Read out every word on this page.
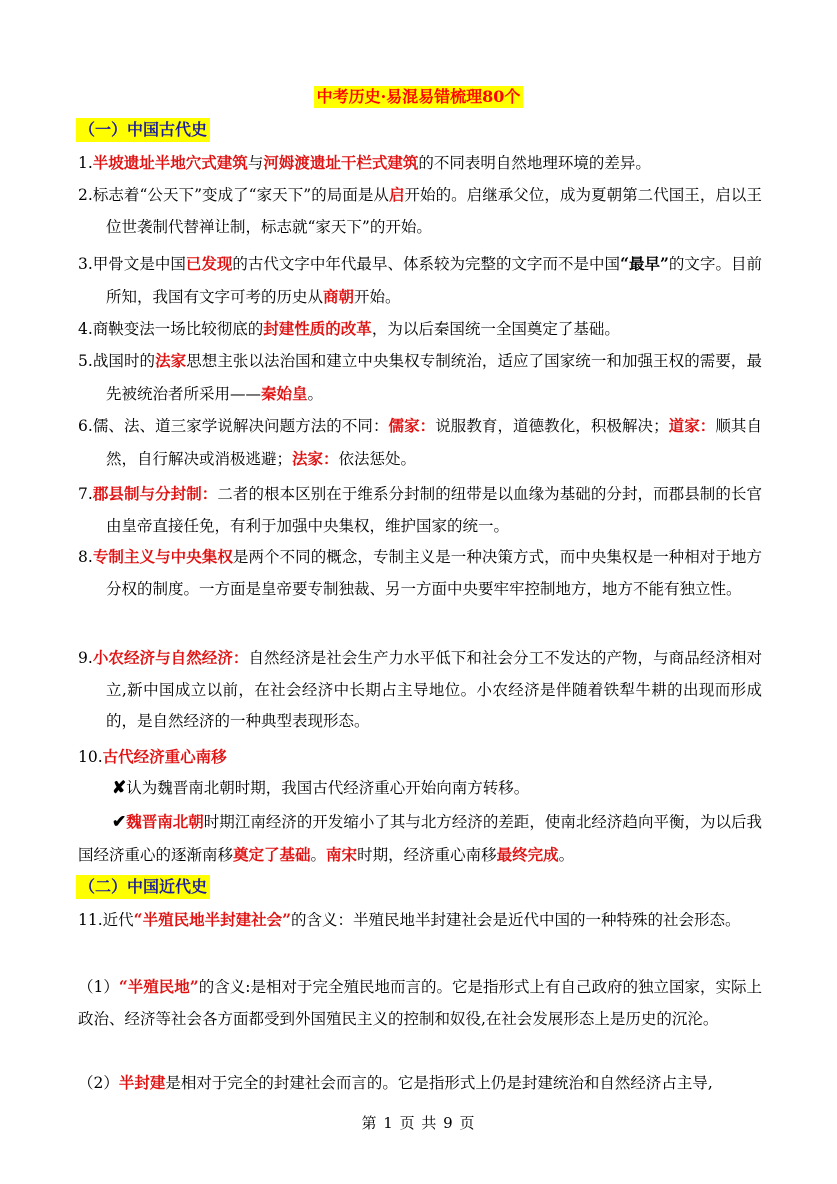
中考历史·易混易错梳理80个
（一）中国古代史

1.半坡遗址半地穴式建筑与河姆渡遗址干栏式建筑的不同表明自然地理环境的差异。

2.标志着“公天下”变成了“家天下”的局面是从启开始的。启继承父位，成为夏朝第二代国王，启以王位世袭制代替禅让制，标志就“家天下”的开始。

3.甲骨文是中国已发现的古代文字中年代最早、体系较为完整的文字而不是中国“最早”的文字。目前所知，我国有文字可考的历史从商朝开始。

4.商鞅变法一场比较彻底的封建性质的改革，为以后秦国统一全国奠定了基础。

5.战国时的法家思想主张以法治国和建立中央集权专制统治，适应了国家统一和加强王权的需要，最先被统治者所采用——秦始皇。

6.儒、法、道三家学说解决问题方法的不同：儒家：说服教育，道德教化，积极解决；道家：顺其自然，自行解决或消极逃避；法家：依法惩处。

7.郡县制与分封制：二者的根本区别在于维系分封制的纽带是以血缘为基础的分封，而郡县制的长官由皇帝直接任免，有利于加强中央集权，维护国家的统一。

8.专制主义与中央集权是两个不同的概念，专制主义是一种决策方式，而中央集权是一种相对于地方分权的制度。一方面是皇帝要专制独裁、另一方面中央要牢牢控制地方，地方不能有独立性。

9.小农经济与自然经济：自然经济是社会生产力水平低下和社会分工不发达的产物，与商品经济相对立,新中国成立以前，在社会经济中长期占主导地位。小农经济是伴随着铁犁牛耕的出现而形成的，是自然经济的一种典型表现形态。

10.古代经济重心南移

✘认为魏晋南北朝时期，我国古代经济重心开始向南方转移。

✔魏晋南北朝时期江南经济的开发缩小了其与北方经济的差距，使南北经济趋向平衡，为以后我国经济重心的逐渐南移奠定了基础。南宋时期，经济重心南移最终完成。

（二）中国近代史

11.近代“半殖民地半封建社会”的含义：半殖民地半封建社会是近代中国的一种特殊的社会形态。

（1）“半殖民地”的含义:是相对于完全殖民地而言的。它是指形式上有自己政府的独立国家，实际上政治、经济等社会各方面都受到外国殖民主义的控制和奴役,在社会发展形态上是历史的沉沦。

（2）半封建是相对于完全的封建社会而言的。它是指形式上仍是封建统治和自然经济占主导,

第 1 页 共 9 页
